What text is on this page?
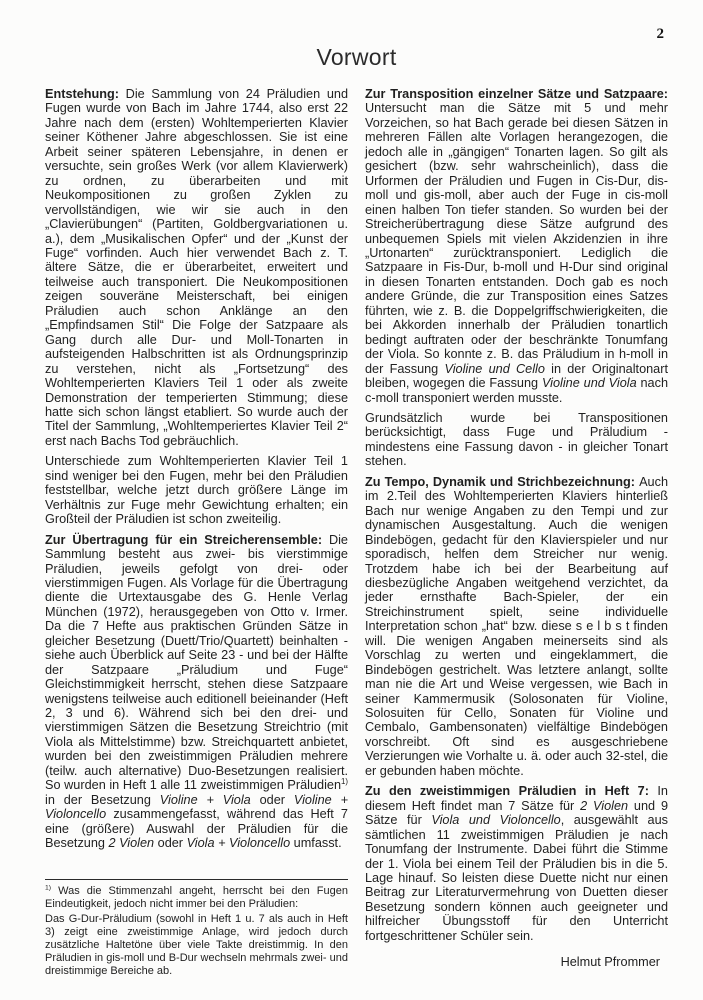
2
Vorwort

Entstehung: Die Sammlung von 24 Präludien und Fugen wurde von Bach im Jahre 1744, also erst 22 Jahre nach dem (ersten) Wohltemperierten Klavier seiner Köthener Jahre abgeschlossen. Sie ist eine Arbeit seiner späteren Lebensjahre, in denen er versuchte, sein großes Werk (vor allem Klavierwerk) zu ordnen, zu überarbeiten und mit Neukompositionen zu großen Zyklen zu vervollständigen, wie wir sie auch in den „Clavierübungen“ (Partiten, Goldbergvariationen u. a.), dem „Musikalischen Opfer“ und der „Kunst der Fuge“ vorfinden. Auch hier verwendet Bach z. T. ältere Sätze, die er überarbeitet, erweitert und teilweise auch transponiert. Die Neukompositionen zeigen souveräne Meisterschaft, bei einigen Präludien auch schon Anklänge an den „Empfindsamen Stil“ Die Folge der Satzpaare als Gang durch alle Dur- und Moll-Tonarten in aufsteigenden Halbschritten ist als Ordnungsprinzip zu verstehen, nicht als „Fortsetzung“ des Wohltemperierten Klaviers Teil 1 oder als zweite Demonstration der temperierten Stimmung; diese hatte sich schon längst etabliert. So wurde auch der Titel der Sammlung, „Wohltemperiertes Klavier Teil 2“ erst nach Bachs Tod gebräuchlich.

Unterschiede zum Wohltemperierten Klavier Teil 1 sind weniger bei den Fugen, mehr bei den Präludien feststellbar, welche jetzt durch größere Länge im Verhältnis zur Fuge mehr Gewichtung erhalten; ein Großteil der Präludien ist schon zweiteilig.

Zur Übertragung für ein Streicherensemble: Die Sammlung besteht aus zwei- bis vierstimmige Präludien, jeweils gefolgt von drei- oder vierstimmigen Fugen. Als Vorlage für die Übertragung diente die Urtextausgabe des G. Henle Verlag München (1972), herausgegeben von Otto v. Irmer. Da die 7 Hefte aus praktischen Gründen Sätze in gleicher Besetzung (Duett/Trio/Quartett) beinhalten - siehe auch Überblick auf Seite 23 - und bei der Hälfte der Satzpaare „Präludium und Fuge“ Gleichstimmigkeit herrscht, stehen diese Satzpaare wenigstens teilweise auch editionell beieinander (Heft 2, 3 und 6). Während sich bei den drei- und vierstimmigen Sätzen die Besetzung Streichtrio (mit Viola als Mittelstimme) bzw. Streichquartett anbietet, wurden bei den zweistimmigen Präludien mehrere (teilw. auch alternative) Duo-Besetzungen realisiert. So wurden in Heft 1 alle 11 zweistimmigen Präludien$^{1)}$ in der Besetzung Violine + Viola oder Violine + Violoncello zusammengefasst, während das Heft 7 eine (größere) Auswahl der Präludien für die Besetzung 2 Violen oder Viola + Violoncello umfasst.

$^{1)}$ Was die Stimmenzahl angeht, herrscht bei den Fugen Eindeutigkeit, jedoch nicht immer bei den Präludien:

Das G-Dur-Präludium (sowohl in Heft 1 u. 7 als auch in Heft 3) zeigt eine zweistimmige Anlage, wird jedoch durch zusätzliche Haltetöne über viele Takte dreistimmig. In den Präludien in gis-moll und B-Dur wechseln mehrmals zwei- und dreistimmige Bereiche ab.

Zur Transposition einzelner Sätze und Satzpaare: Untersucht man die Sätze mit 5 und mehr Vorzeichen, so hat Bach gerade bei diesen Sätzen in mehreren Fällen alte Vorlagen herangezogen, die jedoch alle in „gängigen“ Tonarten lagen. So gilt als gesichert (bzw. sehr wahrscheinlich), dass die Urformen der Präludien und Fugen in Cis-Dur, dis-moll und gis-moll, aber auch der Fuge in cis-moll einen halben Ton tiefer standen. So wurden bei der Streicherübertragung diese Sätze aufgrund des unbequemen Spiels mit vielen Akzidenzien in ihre „Urtonarten“ zurücktransponiert. Lediglich die Satzpaare in Fis-Dur, b-moll und H-Dur sind original in diesen Tonarten entstanden. Doch gab es noch andere Gründe, die zur Transposition eines Satzes führten, wie z. B. die Doppelgriffschwierigkeiten, die bei Akkorden innerhalb der Präludien tonartlich bedingt auftraten oder der beschränkte Tonumfang der Viola. So konnte z. B. das Präludium in h-moll in der Fassung Violine und Cello in der Originaltonart bleiben, wogegen die Fassung Violine und Viola nach c-moll transponiert werden musste.

Grundsätzlich wurde bei Transpositionen berücksichtigt, dass Fuge und Präludium - mindestens eine Fassung davon - in gleicher Tonart stehen.

Zu Tempo, Dynamik und Strichbezeichnung: Auch im 2.Teil des Wohltemperierten Klaviers hinterließ Bach nur wenige Angaben zu den Tempi und zur dynamischen Ausgestaltung. Auch die wenigen Bindebögen, gedacht für den Klavierspieler und nur sporadisch, helfen dem Streicher nur wenig. Trotzdem habe ich bei der Bearbeitung auf diesbezügliche Angaben weitgehend verzichtet, da jeder ernsthafte Bach-Spieler, der ein Streichinstrument spielt, seine individuelle Interpretation schon „hat“ bzw. diese s e l b s t finden will. Die wenigen Angaben meinerseits sind als Vorschlag zu werten und eingeklammert, die Bindebögen gestrichelt. Was letztere anlangt, sollte man nie die Art und Weise vergessen, wie Bach in seiner Kammermusik (Solosonaten für Violine, Solosuiten für Cello, Sonaten für Violine und Cembalo, Gambensonaten) vielfältige Bindebögen vorschreibt. Oft sind es ausgeschriebene Verzierungen wie Vorhalte u. ä. oder auch 32-stel, die er gebunden haben möchte.

Zu den zweistimmigen Präludien in Heft 7: In diesem Heft findet man 7 Sätze für 2 Violen und 9 Sätze für Viola und Violoncello, ausgewählt aus sämtlichen 11 zweistimmigen Präludien je nach Tonumfang der Instrumente. Dabei führt die Stimme der 1. Viola bei einem Teil der Präludien bis in die 5. Lage hinauf. So leisten diese Duette nicht nur einen Beitrag zur Literaturvermehrung von Duetten dieser Besetzung sondern können auch geeigneter und hilfreicher Übungsstoff für den Unterricht fortgeschrittener Schüler sein.

Helmut Pfrommer
